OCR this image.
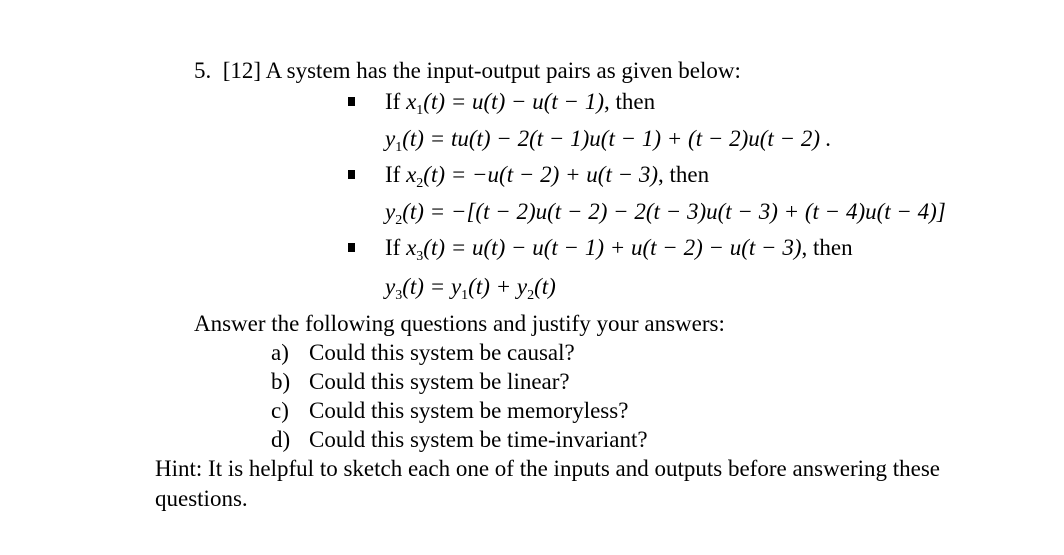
5. [12] A system has the input-output pairs as given below:
If $x_1(t) = u(t) - u(t - 1)$, then
$y_1(t) = tu(t) - 2(t - 1)u(t - 1) + (t - 2)u(t - 2)$ .
If $x_2(t) = -u(t - 2) + u(t - 3)$, then
$y_2(t) = -[(t - 2)u(t - 2) - 2(t - 3)u(t - 3) + (t - 4)u(t - 4)]$
If $x_3(t) = u(t) - u(t - 1) + u(t - 2) - u(t - 3)$, then
$y_3(t) = y_1(t) + y_2(t)$
Answer the following questions and justify your answers:
a) Could this system be causal?
b) Could this system be linear?
c) Could this system be memoryless?
d) Could this system be time-invariant?
Hint: It is helpful to sketch each one of the inputs and outputs before answering these
questions.
